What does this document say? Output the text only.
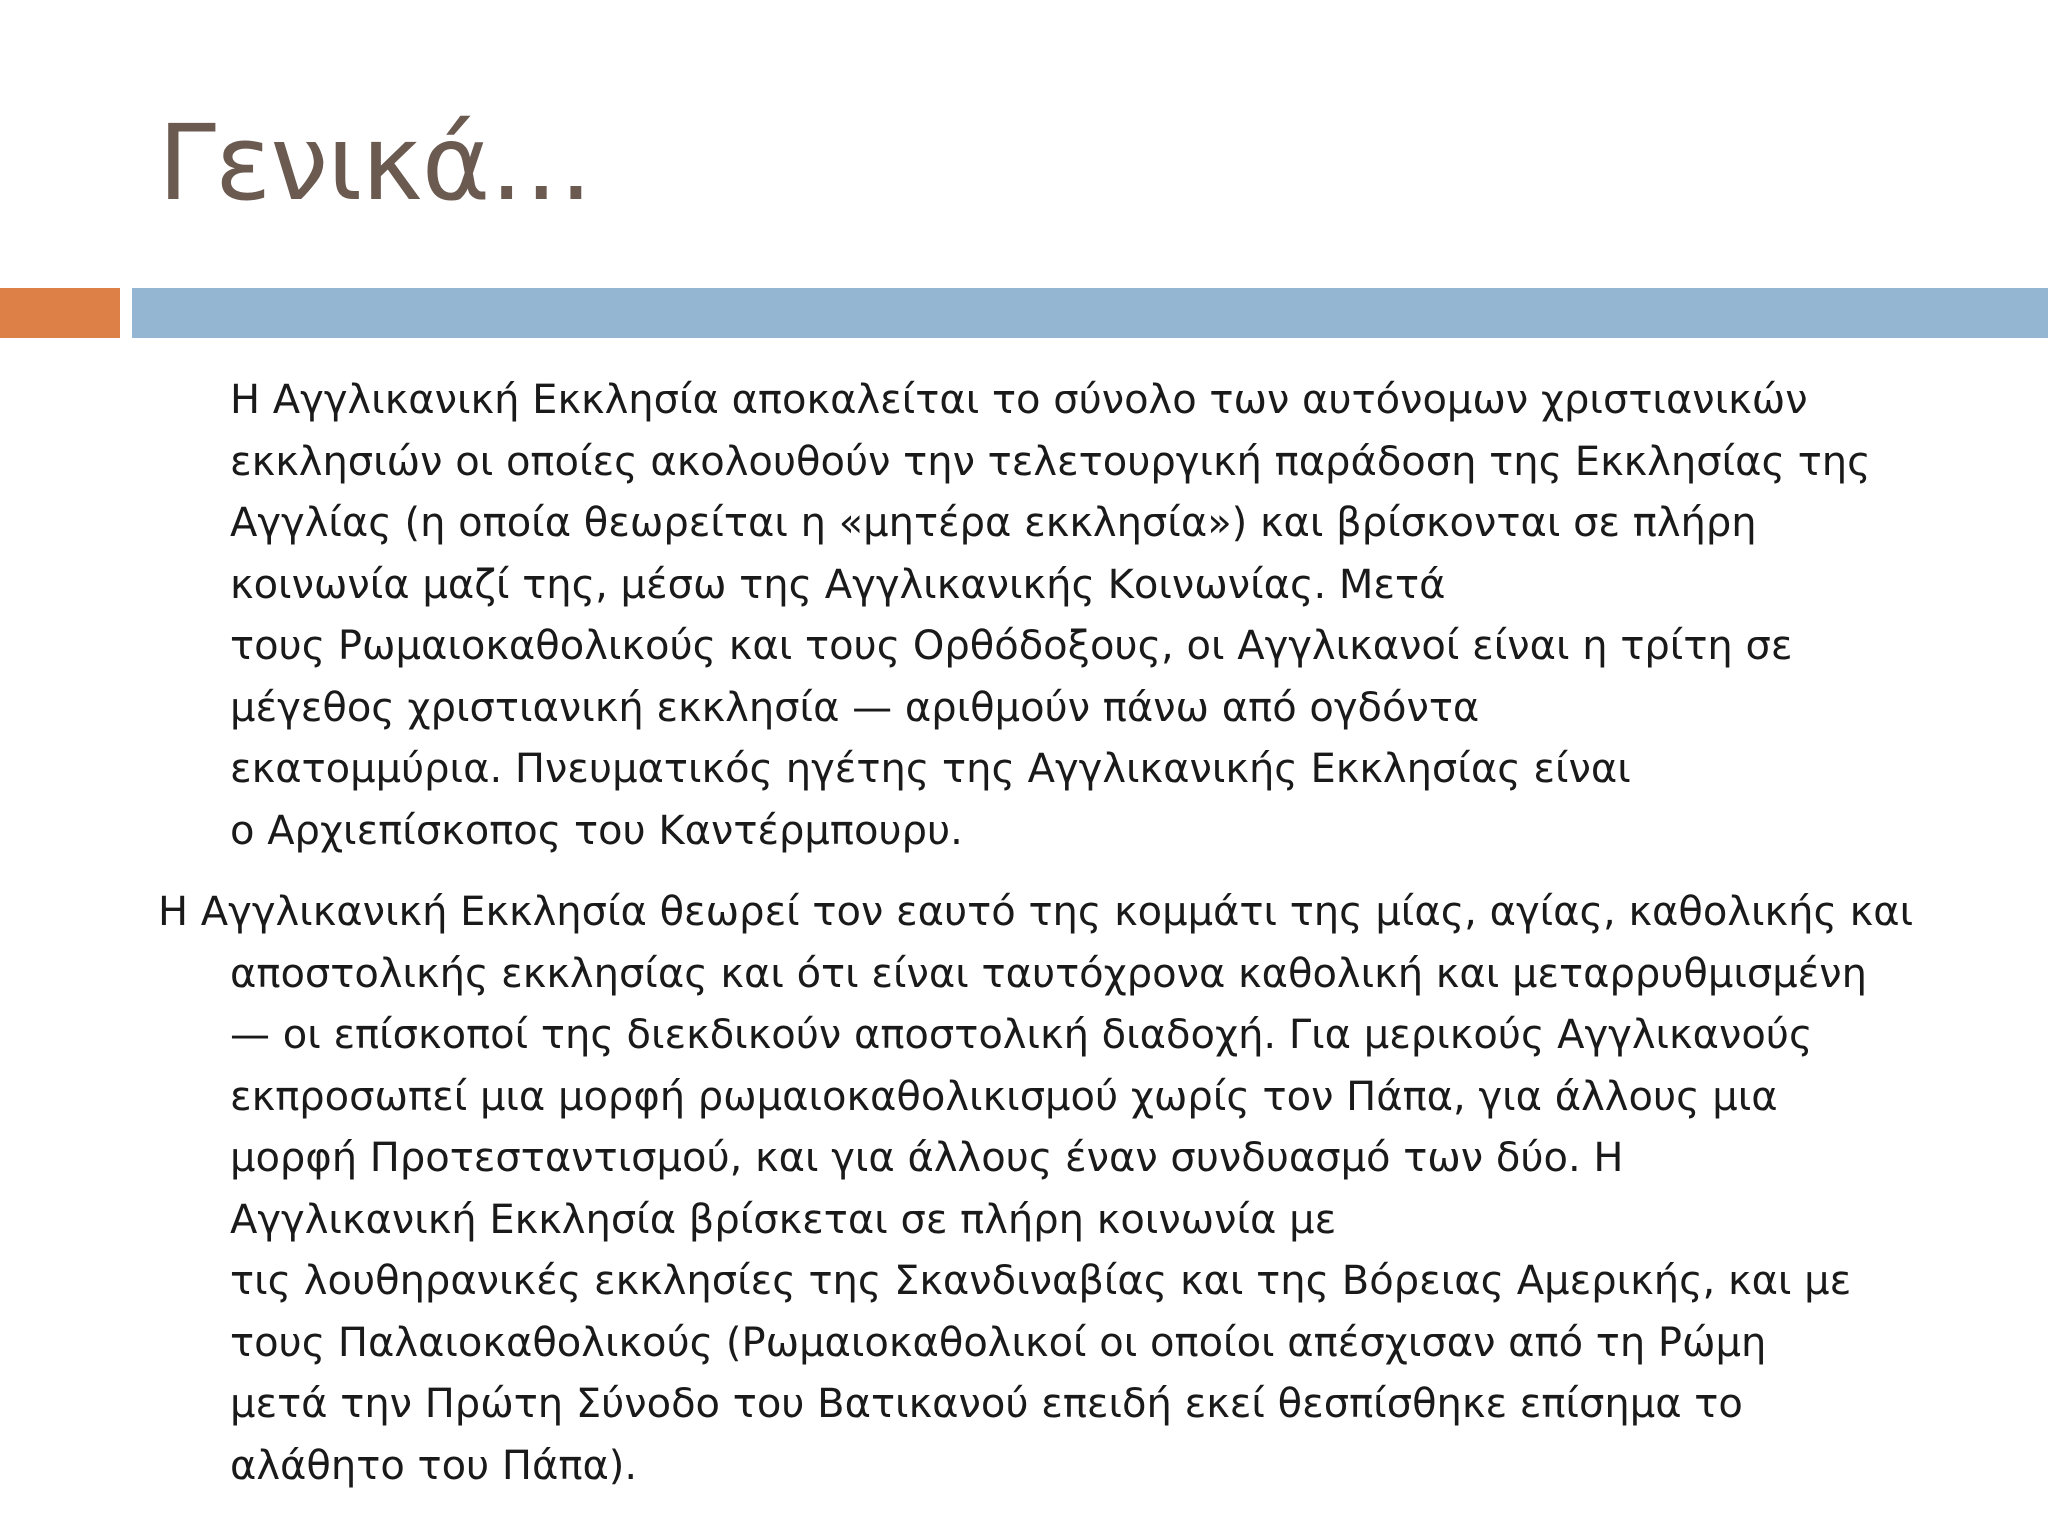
Γενικά…

Η Αγγλικανική Εκκλησία αποκαλείται το σύνολο των αυτόνομων χριστιανικών
εκκλησιών οι οποίες ακολουθούν την τελετουργική παράδοση της Εκκλησίας της
Αγγλίας (η οποία θεωρείται η «μητέρα εκκλησία») και βρίσκονται σε πλήρη
κοινωνία μαζί της, μέσω της Αγγλικανικής Κοινωνίας. Μετά
τους Ρωμαιοκαθολικούς και τους Ορθόδοξους, οι Αγγλικανοί είναι η τρίτη σε
μέγεθος χριστιανική εκκλησία — αριθμούν πάνω από ογδόντα
εκατομμύρια. Πνευματικός ηγέτης της Αγγλικανικής Εκκλησίας είναι
ο Αρχιεπίσκοπος του Καντέρμπουρυ.

Η Αγγλικανική Εκκλησία θεωρεί τον εαυτό της κομμάτι της μίας, αγίας, καθολικής και
αποστολικής εκκλησίας και ότι είναι ταυτόχρονα καθολική και μεταρρυθμισμένη
— οι επίσκοποί της διεκδικούν αποστολική διαδοχή. Για μερικούς Αγγλικανούς
εκπροσωπεί μια μορφή ρωμαιοκαθολικισμού χωρίς τον Πάπα, για άλλους μια
μορφή Προτεσταντισμού, και για άλλους έναν συνδυασμό των δύο. Η
Αγγλικανική Εκκλησία βρίσκεται σε πλήρη κοινωνία με
τις λουθηρανικές εκκλησίες της Σκανδιναβίας και της Βόρειας Αμερικής, και με
τους Παλαιοκαθολικούς (Ρωμαιοκαθολικοί οι οποίοι απέσχισαν από τη Ρώμη
μετά την Πρώτη Σύνοδο του Βατικανού επειδή εκεί θεσπίσθηκε επίσημα το
αλάθητο του Πάπα).
